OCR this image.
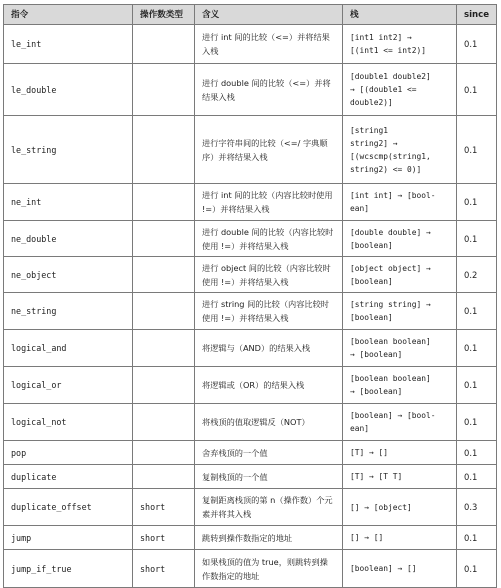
指令	操作数类型	含义	栈	since
le_int		进行 int 间的比较（<=）并将结果入栈	[int1 int2] →
[(int1 <= int2)]	0.1
le_double		进行 double 间的比较（<=）并将结果入栈	[double1 double2]
→ [(double1 <=
double2)]	0.1
le_string		进行字符串间的比较（<=/ 字典顺序）并将结果入栈	[string1
string2] →
[(wcscmp(string1,
string2) <= 0)]	0.1
ne_int		进行 int 间的比较（内容比较时使用 !=）并将结果入栈	[int int] → [bool-
ean]	0.1
ne_double		进行 double 间的比较（内容比较时使用 !=）并将结果入栈	[double double] →
[boolean]	0.1
ne_object		进行 object 间的比较（内容比较时使用 !=）并将结果入栈	[object object] →
[boolean]	0.2
ne_string		进行 string 间的比较（内容比较时使用 !=）并将结果入栈	[string string] →
[boolean]	0.1
logical_and		将逻辑与（AND）的结果入栈	[boolean boolean]
→ [boolean]	0.1
logical_or		将逻辑或（OR）的结果入栈	[boolean boolean]
→ [boolean]	0.1
logical_not		将栈顶的值取逻辑反（NOT）	[boolean] → [bool-
ean]	0.1
pop		舍弃栈顶的一个值	[T] → []	0.1
duplicate		复制栈顶的一个值	[T] → [T T]	0.1
duplicate_offset	short	复制距离栈顶的第 n（操作数）个元素并将其入栈	[] → [object]	0.3
jump	short	跳转到操作数指定的地址	[] → []	0.1
jump_if_true	short	如果栈顶的值为 true，则跳转到操作数指定的地址	[boolean] → []	0.1
